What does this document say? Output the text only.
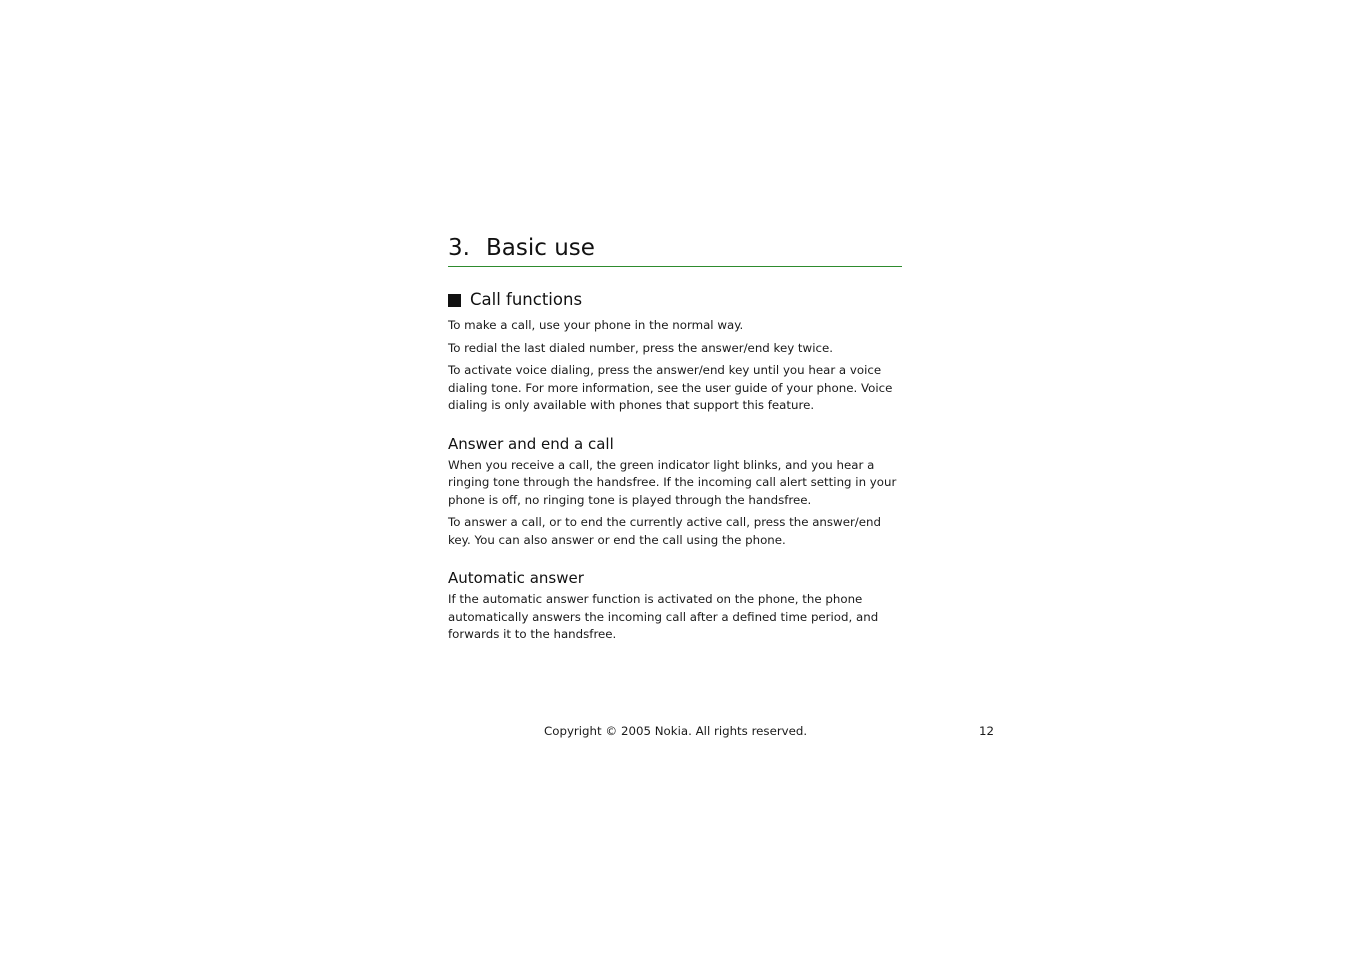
3. Basic use
Call functions

To make a call, use your phone in the normal way.

To redial the last dialed number, press the answer/end key twice.

To activate voice dialing, press the answer/end key until you hear a voice dialing tone. For more information, see the user guide of your phone. Voice dialing is only available with phones that support this feature.

Answer and end a call

When you receive a call, the green indicator light blinks, and you hear a ringing tone through the handsfree. If the incoming call alert setting in your phone is off, no ringing tone is played through the handsfree.

To answer a call, or to end the currently active call, press the answer/end key. You can also answer or end the call using the phone.

Automatic answer

If the automatic answer function is activated on the phone, the phone automatically answers the incoming call after a defined time period, and forwards it to the handsfree.

Copyright © 2005 Nokia. All rights reserved.	12
